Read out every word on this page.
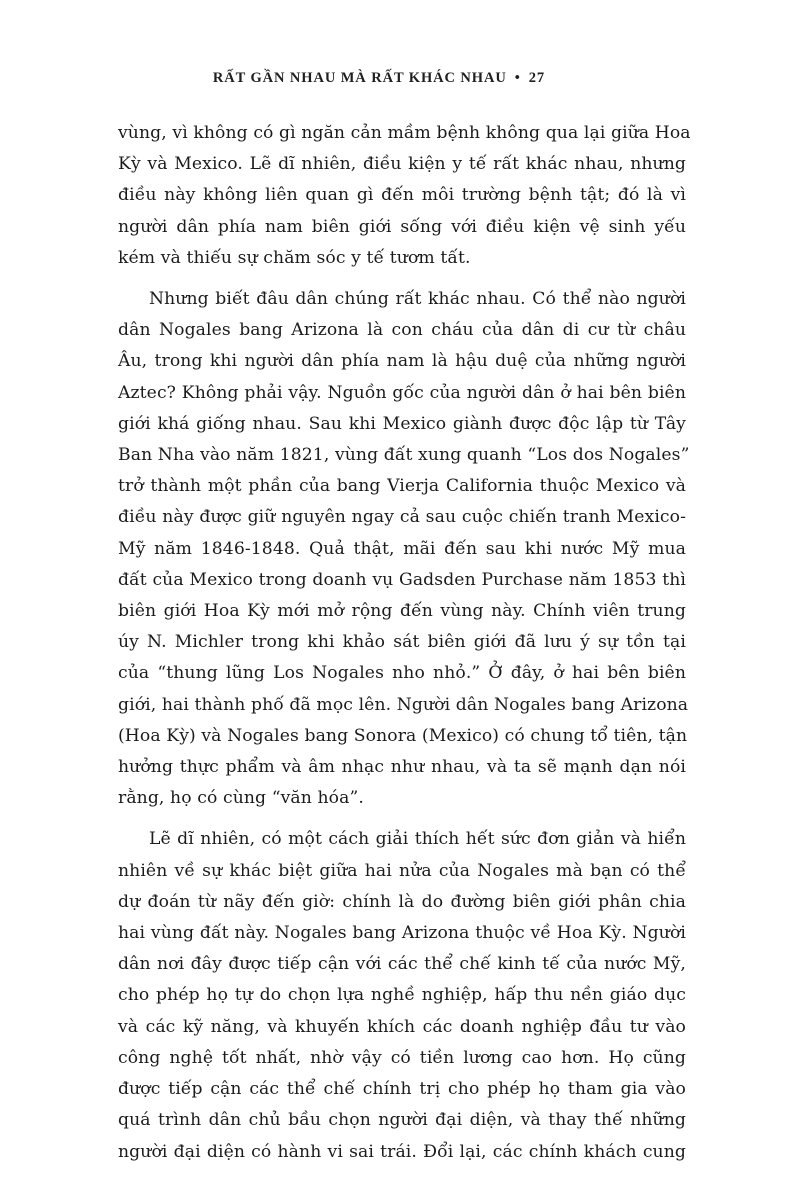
RẤT GẦN NHAU MÀ RẤT KHÁC NHAU • 27
vùng, vì không có gì ngăn cản mầm bệnh không qua lại giữa Hoa
Kỳ và Mexico. Lẽ dĩ nhiên, điều kiện y tế rất khác nhau, nhưng
điều này không liên quan gì đến môi trường bệnh tật; đó là vì
người dân phía nam biên giới sống với điều kiện vệ sinh yếu
kém và thiếu sự chăm sóc y tế tươm tất.
Nhưng biết đâu dân chúng rất khác nhau. Có thể nào người
dân Nogales bang Arizona là con cháu của dân di cư từ châu
Âu, trong khi người dân phía nam là hậu duệ của những người
Aztec? Không phải vậy. Nguồn gốc của người dân ở hai bên biên
giới khá giống nhau. Sau khi Mexico giành được độc lập từ Tây
Ban Nha vào năm 1821, vùng đất xung quanh “Los dos Nogales”
trở thành một phần của bang Vierja California thuộc Mexico và
điều này được giữ nguyên ngay cả sau cuộc chiến tranh Mexico-
Mỹ năm 1846-1848. Quả thật, mãi đến sau khi nước Mỹ mua
đất của Mexico trong doanh vụ Gadsden Purchase năm 1853 thì
biên giới Hoa Kỳ mới mở rộng đến vùng này. Chính viên trung
úy N. Michler trong khi khảo sát biên giới đã lưu ý sự tồn tại
của “thung lũng Los Nogales nho nhỏ.” Ở đây, ở hai bên biên
giới, hai thành phố đã mọc lên. Người dân Nogales bang Arizona
(Hoa Kỳ) và Nogales bang Sonora (Mexico) có chung tổ tiên, tận
hưởng thực phẩm và âm nhạc như nhau, và ta sẽ mạnh dạn nói
rằng, họ có cùng “văn hóa”.
Lẽ dĩ nhiên, có một cách giải thích hết sức đơn giản và hiển
nhiên về sự khác biệt giữa hai nửa của Nogales mà bạn có thể
dự đoán từ nãy đến giờ: chính là do đường biên giới phân chia
hai vùng đất này. Nogales bang Arizona thuộc về Hoa Kỳ. Người
dân nơi đây được tiếp cận với các thể chế kinh tế của nước Mỹ,
cho phép họ tự do chọn lựa nghề nghiệp, hấp thu nền giáo dục
và các kỹ năng, và khuyến khích các doanh nghiệp đầu tư vào
công nghệ tốt nhất, nhờ vậy có tiền lương cao hơn. Họ cũng
được tiếp cận các thể chế chính trị cho phép họ tham gia vào
quá trình dân chủ bầu chọn người đại diện, và thay thế những
người đại diện có hành vi sai trái. Đổi lại, các chính khách cung
